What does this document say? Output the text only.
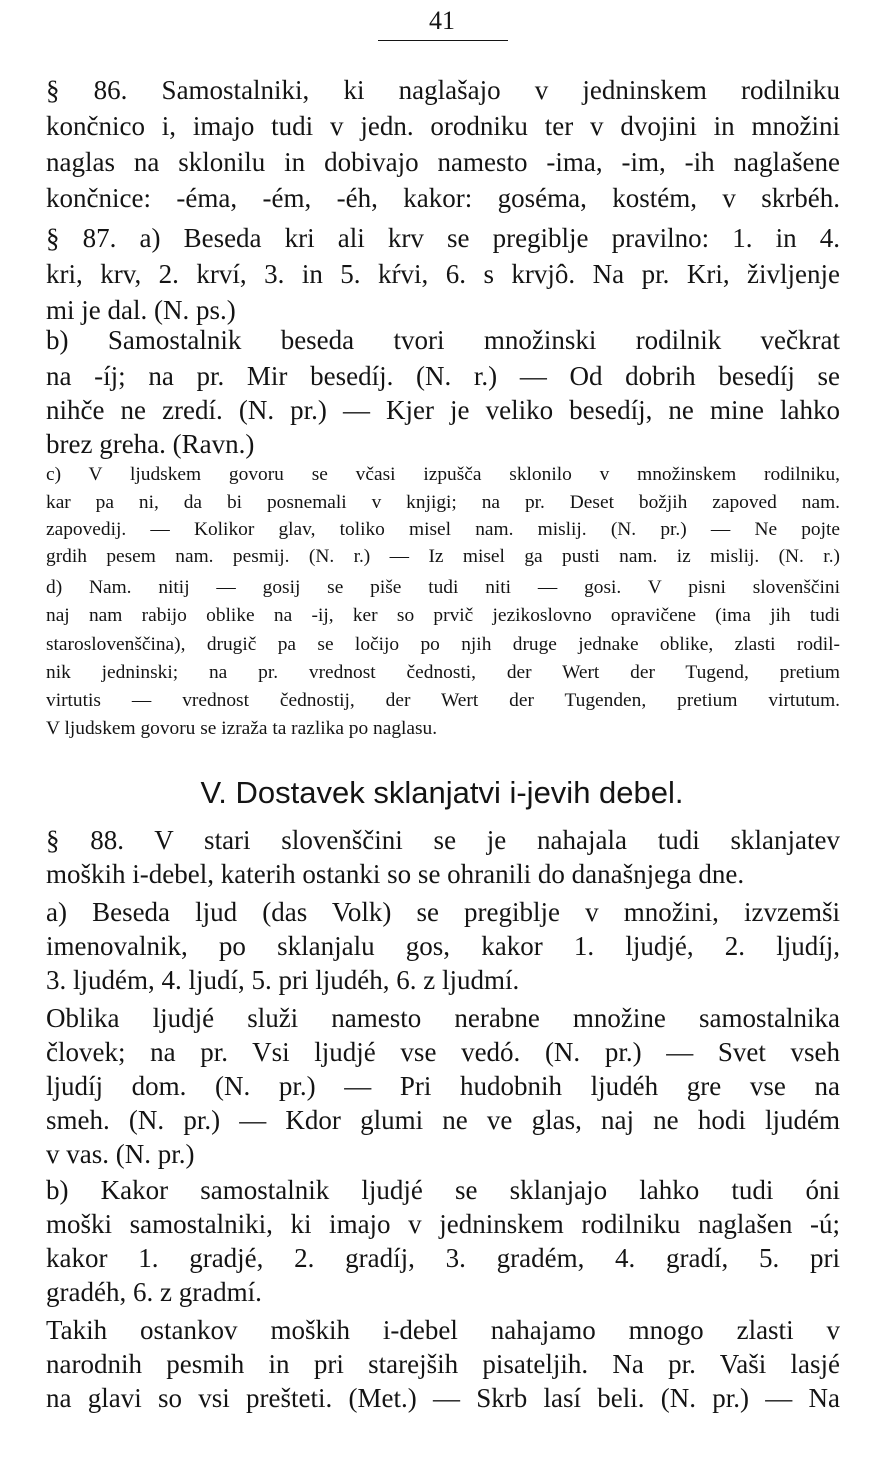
41
§ 86. Samostalniki, ki naglašajo v jedninskem rodilniku
končnico i, imajo tudi v jedn. orodniku ter v dvojini in množini
naglas na sklonilu in dobivajo namesto -ima, -im, -ih naglašene
končnice: -éma, -ém, -éh, kakor: goséma, kostém, v skrbéh.
§ 87. a) Beseda kri ali krv se pregiblje pravilno: 1. in 4.
kri, krv, 2. krví, 3. in 5. kŕvi, 6. s krvjô. Na pr. Kri, življenje
mi je dal. (N. ps.)
b) Samostalnik beseda tvori množinski rodilnik večkrat
na -íj; na pr. Mir besedíj. (N. r.) — Od dobrih besedíj se
nihče ne zredí. (N. pr.) — Kjer je veliko besedíj, ne mine lahko
brez greha. (Ravn.)
c) V ljudskem govoru se včasi izpušča sklonilo v množinskem rodilniku,
kar pa ni, da bi posnemali v knjigi; na pr. Deset božjih zapoved nam.
zapovedij. — Kolikor glav, toliko misel nam. mislij. (N. pr.) — Ne pojte
grdih pesem nam. pesmij. (N. r.) — Iz misel ga pusti nam. iz mislij. (N. r.)
d) Nam. nitij — gosij se piše tudi niti — gosi. V pisni slovenščini
naj nam rabijo oblike na -ij, ker so prvič jezikoslovno opravičene (ima jih tudi
staroslovenščina), drugič pa se ločijo po njih druge jednake oblike, zlasti rodil-
nik jedninski; na pr. vrednost čednosti, der Wert der Tugend, pretium
virtutis — vrednost čednostij, der Wert der Tugenden, pretium virtutum.
V ljudskem govoru se izraža ta razlika po naglasu.
V. Dostavek sklanjatvi i-jevih debel.
§ 88. V stari slovenščini se je nahajala tudi sklanjatev
moških i-debel, katerih ostanki so se ohranili do današnjega dne.
a) Beseda ljud (das Volk) se pregiblje v množini, izvzemši
imenovalnik, po sklanjalu gos, kakor 1. ljudjé, 2. ljudíj,
3. ljudém, 4. ljudí, 5. pri ljudéh, 6. z ljudmí.
Oblika ljudjé služi namesto nerabne množine samostalnika
človek; na pr. Vsi ljudjé vse vedó. (N. pr.) — Svet vseh
ljudíj dom. (N. pr.) — Pri hudobnih ljudéh gre vse na
smeh. (N. pr.) — Kdor glumi ne ve glas, naj ne hodi ljudém
v vas. (N. pr.)
b) Kakor samostalnik ljudjé se sklanjajo lahko tudi óni
moški samostalniki, ki imajo v jedninskem rodilniku naglašen -ú;
kakor 1. gradjé, 2. gradíj, 3. gradém, 4. gradí, 5. pri
gradéh, 6. z gradmí.
Takih ostankov moških i-debel nahajamo mnogo zlasti v
narodnih pesmih in pri starejših pisateljih. Na pr. Vaši lasjé
na glavi so vsi prešteti. (Met.) — Skrb lasí beli. (N. pr.) — Na
